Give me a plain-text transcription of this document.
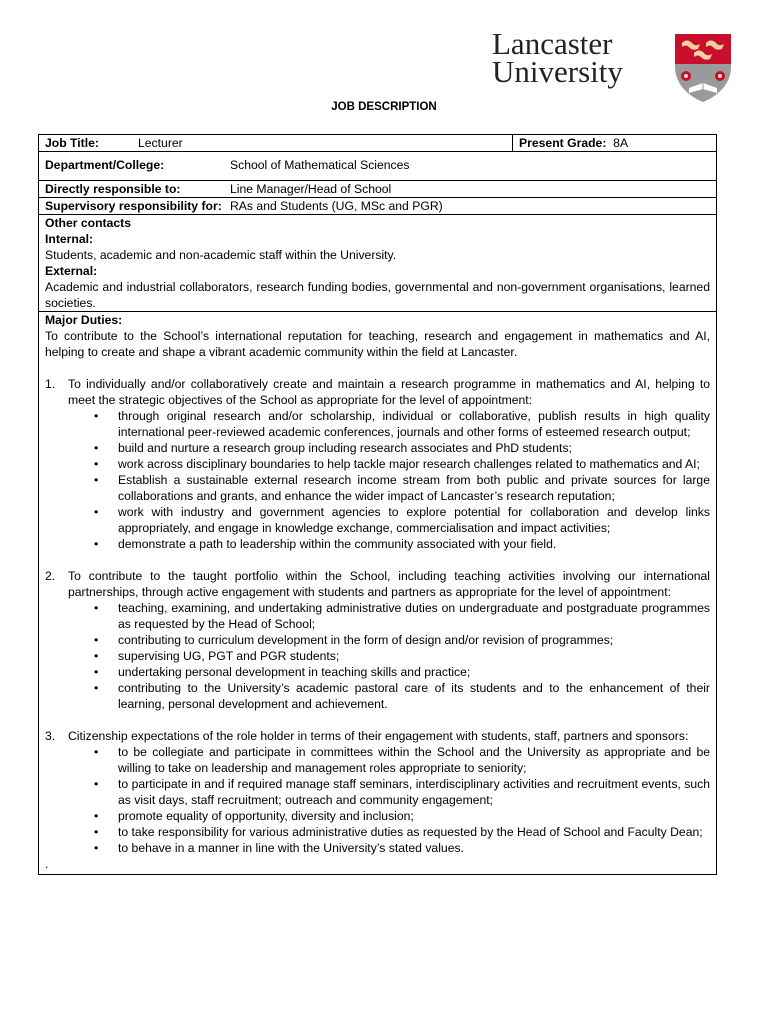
Lancaster
University
JOB DESCRIPTION
Job Title:	Lecturer	Present Grade: 8A
Department/College:	School of Mathematical Sciences
Directly responsible to:	Line Manager/Head of School
Supervisory responsibility for: RAs and Students (UG, MSc and PGR)

Other contacts
Internal:
Students, academic and non-academic staff within the University.
External:
Academic and industrial collaborators, research funding bodies, governmental and non-government organisations, learned societies.

Major Duties:
To contribute to the School’s international reputation for teaching, research and engagement in mathematics and AI, helping to create and shape a vibrant academic community within the field at Lancaster.
1.	To individually and/or collaboratively create and maintain a research programme in mathematics and AI, helping to meet the strategic objectives of the School as appropriate for the level of appointment:
•	through original research and/or scholarship, individual or collaborative, publish results in high quality international peer-reviewed academic conferences, journals and other forms of esteemed research output;
•	build and nurture a research group including research associates and PhD students;
•	work across disciplinary boundaries to help tackle major research challenges related to mathematics and AI;
•	Establish a sustainable external research income stream from both public and private sources for large collaborations and grants, and enhance the wider impact of Lancaster’s research reputation;
•	work with industry and government agencies to explore potential for collaboration and develop links appropriately, and engage in knowledge exchange, commercialisation and impact activities;
•	demonstrate a path to leadership within the community associated with your field.
2.	To contribute to the taught portfolio within the School, including teaching activities involving our international partnerships, through active engagement with students and partners as appropriate for the level of appointment:
•	teaching, examining, and undertaking administrative duties on undergraduate and postgraduate programmes as requested by the Head of School;
•	contributing to curriculum development in the form of design and/or revision of programmes;
•	supervising UG, PGT and PGR students;
•	undertaking personal development in teaching skills and practice;
•	contributing to the University’s academic pastoral care of its students and to the enhancement of their learning, personal development and achievement.
3.	Citizenship expectations of the role holder in terms of their engagement with students, staff, partners and sponsors:
•	to be collegiate and participate in committees within the School and the University as appropriate and be willing to take on leadership and management roles appropriate to seniority;
•	to participate in and if required manage staff seminars, interdisciplinary activities and recruitment events, such as visit days, staff recruitment; outreach and community engagement;
•	promote equality of opportunity, diversity and inclusion;
•	to take responsibility for various administrative duties as requested by the Head of School and Faculty Dean;
•	to behave in a manner in line with the University’s stated values.
.
